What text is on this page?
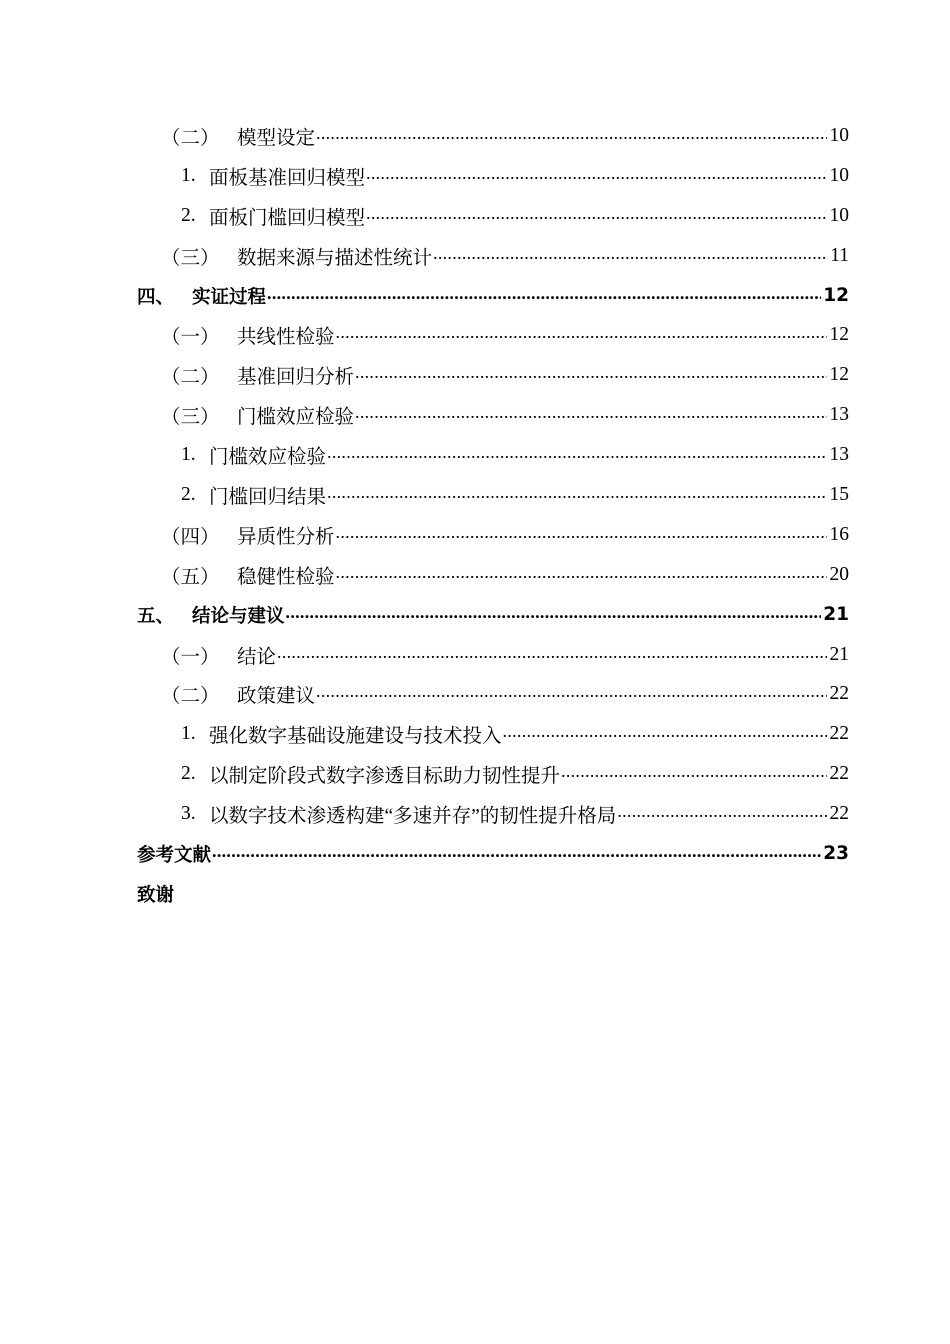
（二） 模型设定 .....	10
1. 面板基准回归模型 .....	10
2. 面板门槛回归模型 .....	10
（三） 数据来源与描述性统计 .....	11
四、 实证过程 .....	12
（一） 共线性检验 .....	12
（二） 基准回归分析 .....	12
（三） 门槛效应检验 .....	13
1. 门槛效应检验 .....	13
2. 门槛回归结果 .....	15
（四） 异质性分析 .....	16
（五） 稳健性检验 .....	20
五、 结论与建议 .....	21
（一） 结论 .....	21
（二） 政策建议 .....	22
1. 强化数字基础设施建设与技术投入 .....	22
2. 以制定阶段式数字渗透目标助力韧性提升 .....	22
3. 以数字技术渗透构建“多速并存”的韧性提升格局 .....	22
参考文献 .....	23
致谢
